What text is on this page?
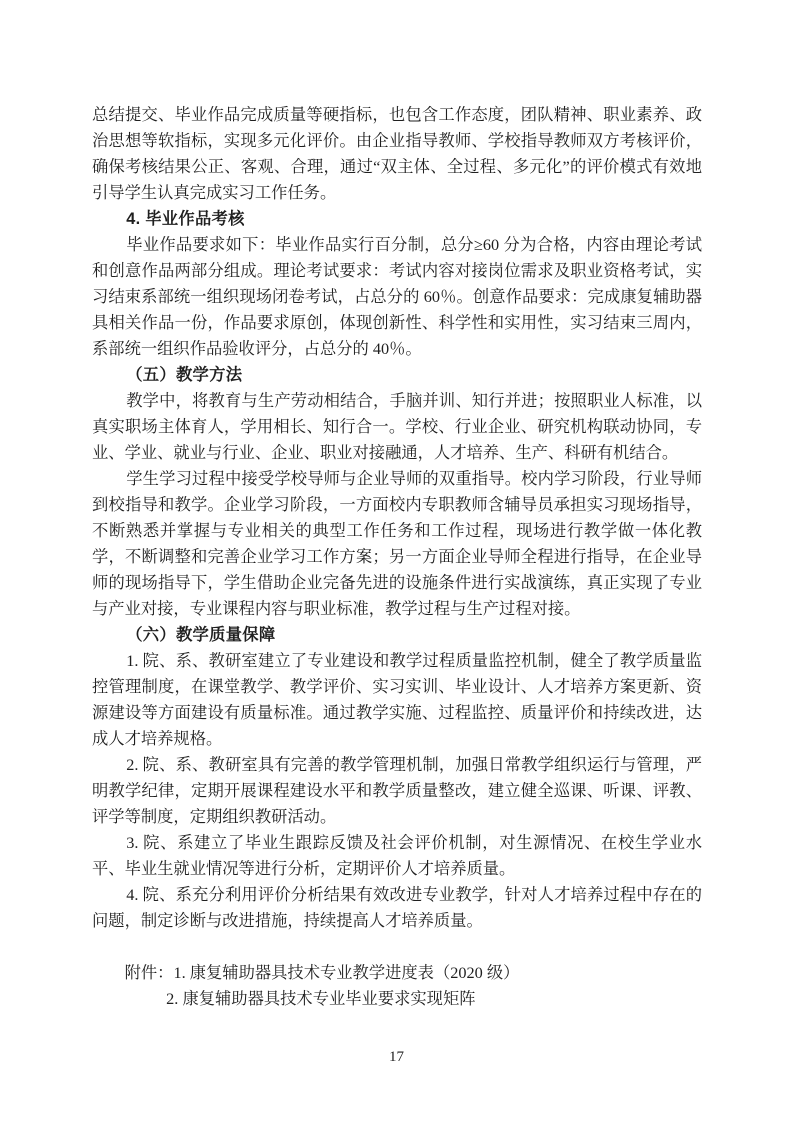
总结提交、毕业作品完成质量等硬指标，也包含工作态度，团队精神、职业素养、政治思想等软指标，实现多元化评价。由企业指导教师、学校指导教师双方考核评价，确保考核结果公正、客观、合理，通过“双主体、全过程、多元化”的评价模式有效地引导学生认真完成实习工作任务。

4. 毕业作品考核

毕业作品要求如下：毕业作品实行百分制，总分≥60 分为合格，内容由理论考试和创意作品两部分组成。理论考试要求：考试内容对接岗位需求及职业资格考试，实习结束系部统一组织现场闭卷考试，占总分的 60％。创意作品要求：完成康复辅助器具相关作品一份，作品要求原创，体现创新性、科学性和实用性，实习结束三周内，系部统一组织作品验收评分，占总分的 40％。

（五）教学方法

教学中，将教育与生产劳动相结合，手脑并训、知行并进；按照职业人标准，以真实职场主体育人，学用相长、知行合一。学校、行业企业、研究机构联动协同，专业、学业、就业与行业、企业、职业对接融通，人才培养、生产、科研有机结合。

学生学习过程中接受学校导师与企业导师的双重指导。校内学习阶段，行业导师到校指导和教学。企业学习阶段，一方面校内专职教师含辅导员承担实习现场指导，不断熟悉并掌握与专业相关的典型工作任务和工作过程，现场进行教学做一体化教学，不断调整和完善企业学习工作方案；另一方面企业导师全程进行指导，在企业导师的现场指导下，学生借助企业完备先进的设施条件进行实战演练，真正实现了专业与产业对接，专业课程内容与职业标准，教学过程与生产过程对接。

（六）教学质量保障

1. 院、系、教研室建立了专业建设和教学过程质量监控机制，健全了教学质量监控管理制度，在课堂教学、教学评价、实习实训、毕业设计、人才培养方案更新、资源建设等方面建设有质量标准。通过教学实施、过程监控、质量评价和持续改进，达成人才培养规格。

2. 院、系、教研室具有完善的教学管理机制，加强日常教学组织运行与管理，严明教学纪律，定期开展课程建设水平和教学质量整改，建立健全巡课、听课、评教、评学等制度，定期组织教研活动。

3. 院、系建立了毕业生跟踪反馈及社会评价机制，对生源情况、在校生学业水平、毕业生就业情况等进行分析，定期评价人才培养质量。

4. 院、系充分利用评价分析结果有效改进专业教学，针对人才培养过程中存在的问题，制定诊断与改进措施，持续提高人才培养质量。

附件：1. 康复辅助器具技术专业教学进度表（2020 级）

2. 康复辅助器具技术专业毕业要求实现矩阵

17
